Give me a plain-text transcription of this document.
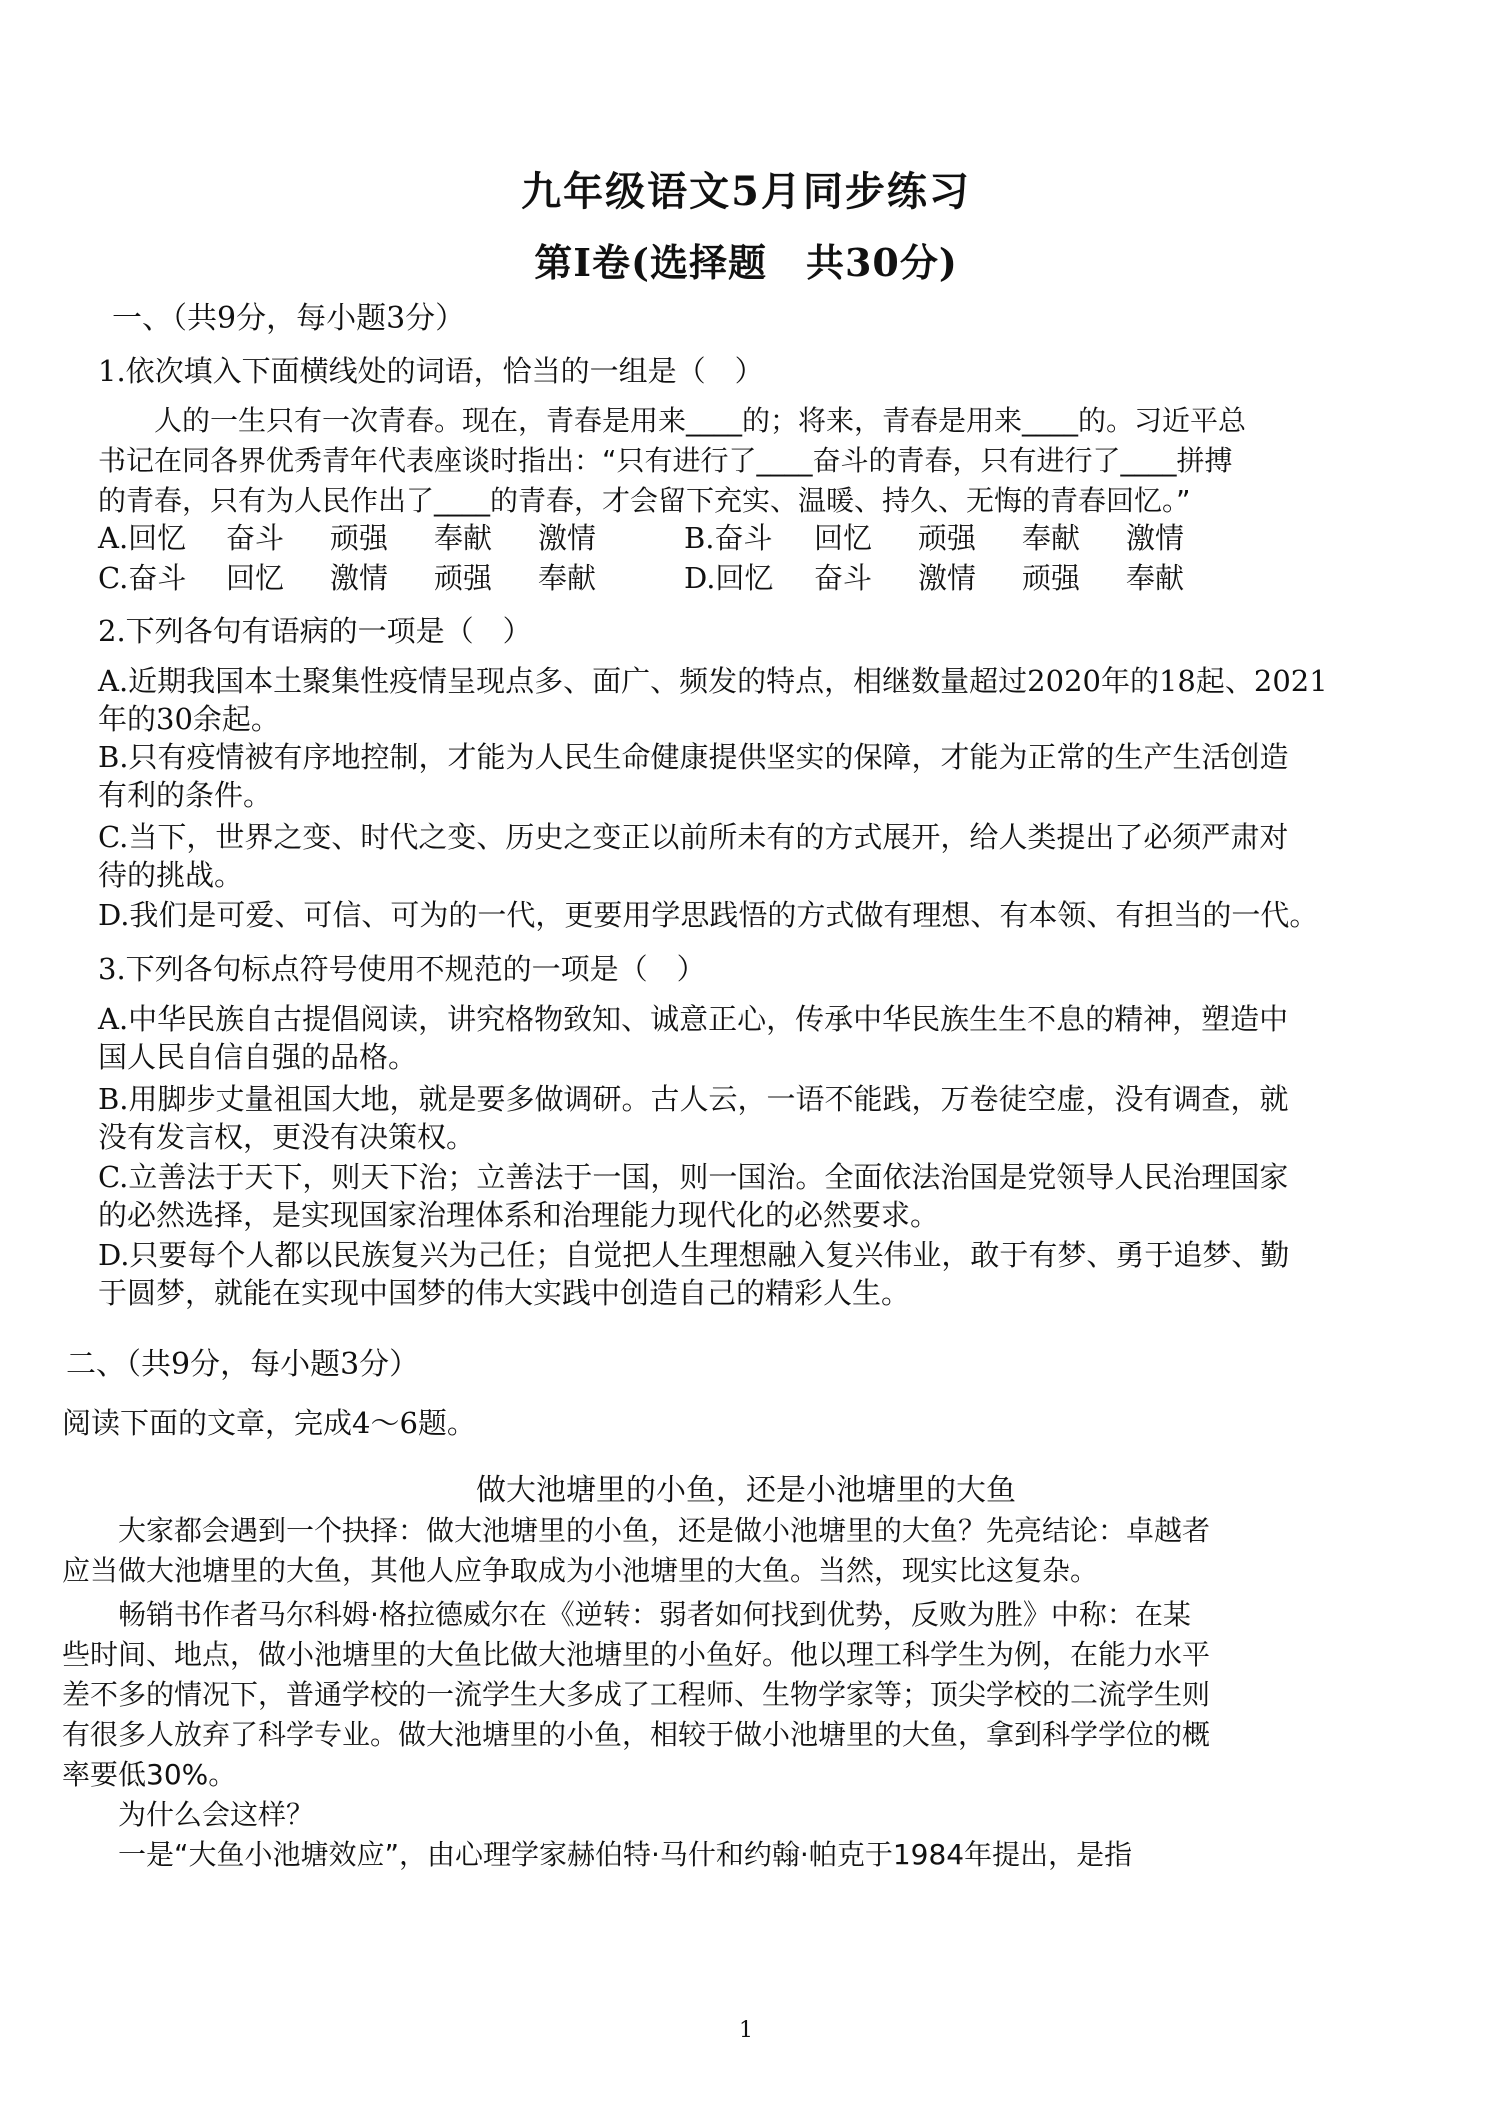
九年级语文5月同步练习
第Ⅰ卷(选择题　共30分)
一、（共9分，每小题3分）
1.依次填入下面横线处的词语，恰当的一组是（　）
　　人的一生只有一次青春。现在，青春是用来____的；将来，青春是用来____的。习近平总
书记在同各界优秀青年代表座谈时指出：“只有进行了____奋斗的青春，只有进行了____拼搏
的青春，只有为人民作出了____的青春，才会留下充实、温暖、持久、无悔的青春回忆。”
A.回忆	奋斗	顽强	奉献	激情	B.奋斗	回忆	顽强	奉献	激情
C.奋斗	回忆	激情	顽强	奉献	D.回忆	奋斗	激情	顽强	奉献
2.下列各句有语病的一项是（　）
A.近期我国本土聚集性疫情呈现点多、面广、频发的特点，相继数量超过2020年的18起、2021
年的30余起。
B.只有疫情被有序地控制，才能为人民生命健康提供坚实的保障，才能为正常的生产生活创造
有利的条件。
C.当下，世界之变、时代之变、历史之变正以前所未有的方式展开，给人类提出了必须严肃对
待的挑战。
D.我们是可爱、可信、可为的一代，更要用学思践悟的方式做有理想、有本领、有担当的一代。
3.下列各句标点符号使用不规范的一项是（　）
A.中华民族自古提倡阅读，讲究格物致知、诚意正心，传承中华民族生生不息的精神，塑造中
国人民自信自强的品格。
B.用脚步丈量祖国大地，就是要多做调研。古人云，一语不能践，万卷徒空虚，没有调查，就
没有发言权，更没有决策权。
C.立善法于天下，则天下治；立善法于一国，则一国治。全面依法治国是党领导人民治理国家
的必然选择，是实现国家治理体系和治理能力现代化的必然要求。
D.只要每个人都以民族复兴为己任；自觉把人生理想融入复兴伟业，敢于有梦、勇于追梦、勤
于圆梦，就能在实现中国梦的伟大实践中创造自己的精彩人生。
二、（共9分，每小题3分）
阅读下面的文章，完成4～6题。
做大池塘里的小鱼，还是小池塘里的大鱼
　　大家都会遇到一个抉择：做大池塘里的小鱼，还是做小池塘里的大鱼？先亮结论：卓越者
应当做大池塘里的大鱼，其他人应争取成为小池塘里的大鱼。当然，现实比这复杂。
　　畅销书作者马尔科姆·格拉德威尔在《逆转：弱者如何找到优势，反败为胜》中称：在某
些时间、地点，做小池塘里的大鱼比做大池塘里的小鱼好。他以理工科学生为例，在能力水平
差不多的情况下，普通学校的一流学生大多成了工程师、生物学家等；顶尖学校的二流学生则
有很多人放弃了科学专业。做大池塘里的小鱼，相较于做小池塘里的大鱼，拿到科学学位的概
率要低30%。
　　为什么会这样？
　　一是“大鱼小池塘效应”，由心理学家赫伯特·马什和约翰·帕克于1984年提出，是指
1
